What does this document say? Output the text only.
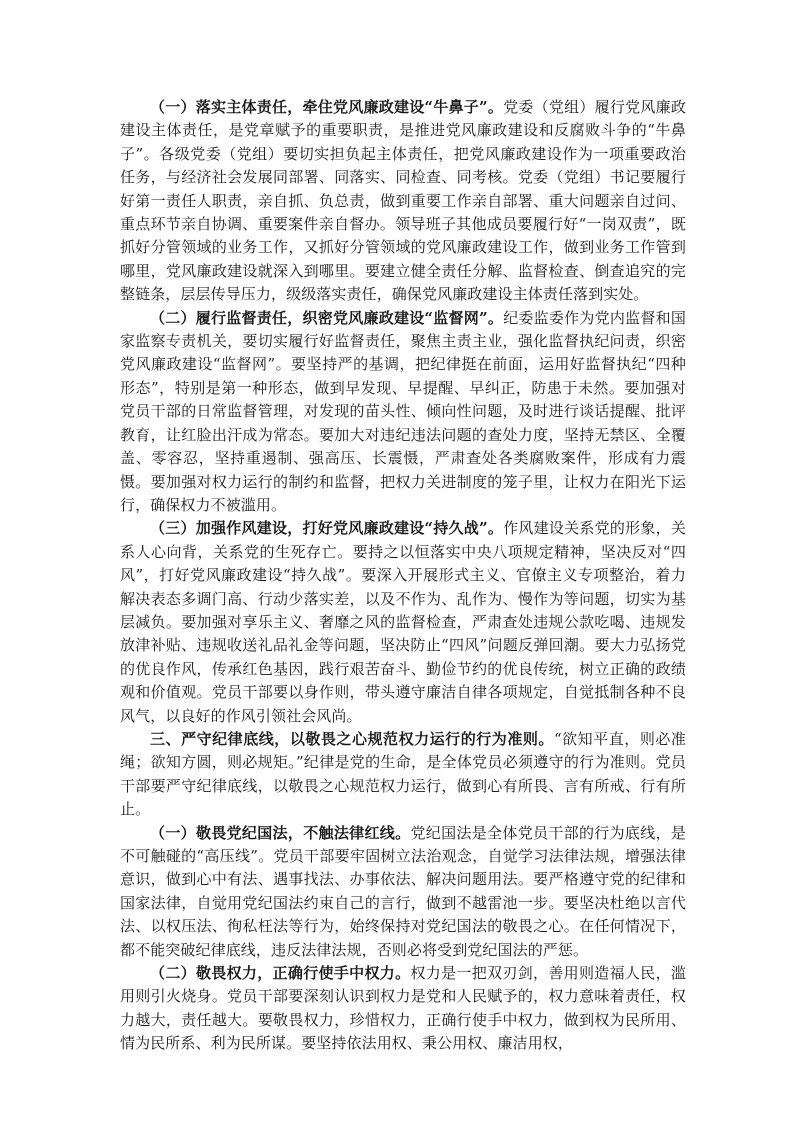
（一）落实主体责任，牵住党风廉政建设“牛鼻子”。党委（党组）履行党风廉政建设主体责任，是党章赋予的重要职责，是推进党风廉政建设和反腐败斗争的“牛鼻子”。各级党委（党组）要切实担负起主体责任，把党风廉政建设作为一项重要政治任务，与经济社会发展同部署、同落实、同检查、同考核。党委（党组）书记要履行好第一责任人职责，亲自抓、负总责，做到重要工作亲自部署、重大问题亲自过问、重点环节亲自协调、重要案件亲自督办。领导班子其他成员要履行好“一岗双责”，既抓好分管领域的业务工作，又抓好分管领域的党风廉政建设工作，做到业务工作管到哪里，党风廉政建设就深入到哪里。要建立健全责任分解、监督检查、倒查追究的完整链条，层层传导压力，级级落实责任，确保党风廉政建设主体责任落到实处。

（二）履行监督责任，织密党风廉政建设“监督网”。纪委监委作为党内监督和国家监察专责机关，要切实履行好监督责任，聚焦主责主业，强化监督执纪问责，织密党风廉政建设“监督网”。要坚持严的基调，把纪律挺在前面，运用好监督执纪“四种形态”，特别是第一种形态，做到早发现、早提醒、早纠正，防患于未然。要加强对党员干部的日常监督管理，对发现的苗头性、倾向性问题，及时进行谈话提醒、批评教育，让红脸出汗成为常态。要加大对违纪违法问题的查处力度，坚持无禁区、全覆盖、零容忍，坚持重遏制、强高压、长震慑，严肃查处各类腐败案件，形成有力震慑。要加强对权力运行的制约和监督，把权力关进制度的笼子里，让权力在阳光下运行，确保权力不被滥用。

（三）加强作风建设，打好党风廉政建设“持久战”。作风建设关系党的形象，关系人心向背，关系党的生死存亡。要持之以恒落实中央八项规定精神，坚决反对“四风”，打好党风廉政建设“持久战”。要深入开展形式主义、官僚主义专项整治，着力解决表态多调门高、行动少落实差，以及不作为、乱作为、慢作为等问题，切实为基层减负。要加强对享乐主义、奢靡之风的监督检查，严肃查处违规公款吃喝、违规发放津补贴、违规收送礼品礼金等问题，坚决防止“四风”问题反弹回潮。要大力弘扬党的优良作风，传承红色基因，践行艰苦奋斗、勤俭节约的优良传统，树立正确的政绩观和价值观。党员干部要以身作则，带头遵守廉洁自律各项规定，自觉抵制各种不良风气，以良好的作风引领社会风尚。

三、严守纪律底线，以敬畏之心规范权力运行的行为准则。“欲知平直，则必准绳；欲知方圆，则必规矩。”纪律是党的生命，是全体党员必须遵守的行为准则。党员干部要严守纪律底线，以敬畏之心规范权力运行，做到心有所畏、言有所戒、行有所止。

（一）敬畏党纪国法，不触法律红线。党纪国法是全体党员干部的行为底线，是不可触碰的“高压线”。党员干部要牢固树立法治观念，自觉学习法律法规，增强法律意识，做到心中有法、遇事找法、办事依法、解决问题用法。要严格遵守党的纪律和国家法律，自觉用党纪国法约束自己的言行，做到不越雷池一步。要坚决杜绝以言代法、以权压法、徇私枉法等行为，始终保持对党纪国法的敬畏之心。在任何情况下，都不能突破纪律底线，违反法律法规，否则必将受到党纪国法的严惩。

（二）敬畏权力，正确行使手中权力。权力是一把双刃剑，善用则造福人民，滥用则引火烧身。党员干部要深刻认识到权力是党和人民赋予的，权力意味着责任，权力越大，责任越大。要敬畏权力，珍惜权力，正确行使手中权力，做到权为民所用、情为民所系、利为民所谋。要坚持依法用权、秉公用权、廉洁用权，
